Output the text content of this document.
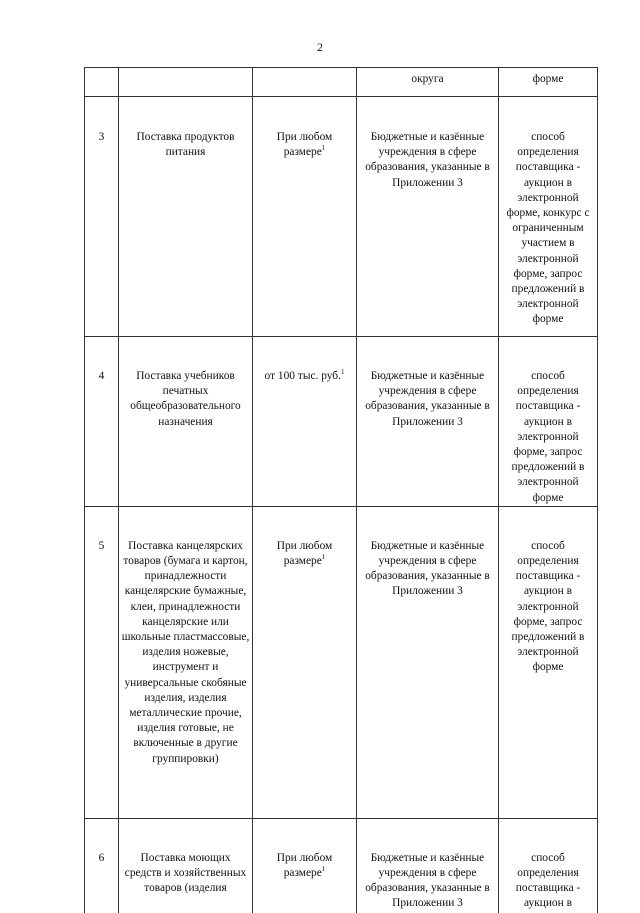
2
			округа	форме
3	Поставка продуктов питания	При любом размере$^1$	Бюджетные и казённые учреждения в сфере образования, указанные в Приложении 3	способ определения поставщика - аукцион в электронной форме, конкурс с ограниченным участием в электронной форме, запрос предложений в электронной форме

4	Поставка учебников печатных общеобразовательного назначения	от 100 тыс. руб.$^1$	Бюджетные и казённые учреждения в сфере образования, указанные в Приложении 3	способ определения поставщика - аукцион в электронной форме, запрос предложений в электронной форме

5	Поставка канцелярских товаров (бумага и картон, принадлежности канцелярские бумажные, клеи, принадлежности канцелярские или школьные пластмассовые, изделия ножевые, инструмент и универсальные скобяные изделия, изделия металлические прочие, изделия готовые, не включенные в другие группировки)	При любом размере$^1$	Бюджетные и казённые учреждения в сфере образования, указанные в Приложении 3	способ определения поставщика - аукцион в электронной форме, запрос предложений в электронной форме

6	Поставка моющих средств и хозяйственных товаров (изделия	При любом размере$^1$	Бюджетные и казённые учреждения в сфере образования, указанные в Приложении 3	способ определения поставщика - аукцион в
